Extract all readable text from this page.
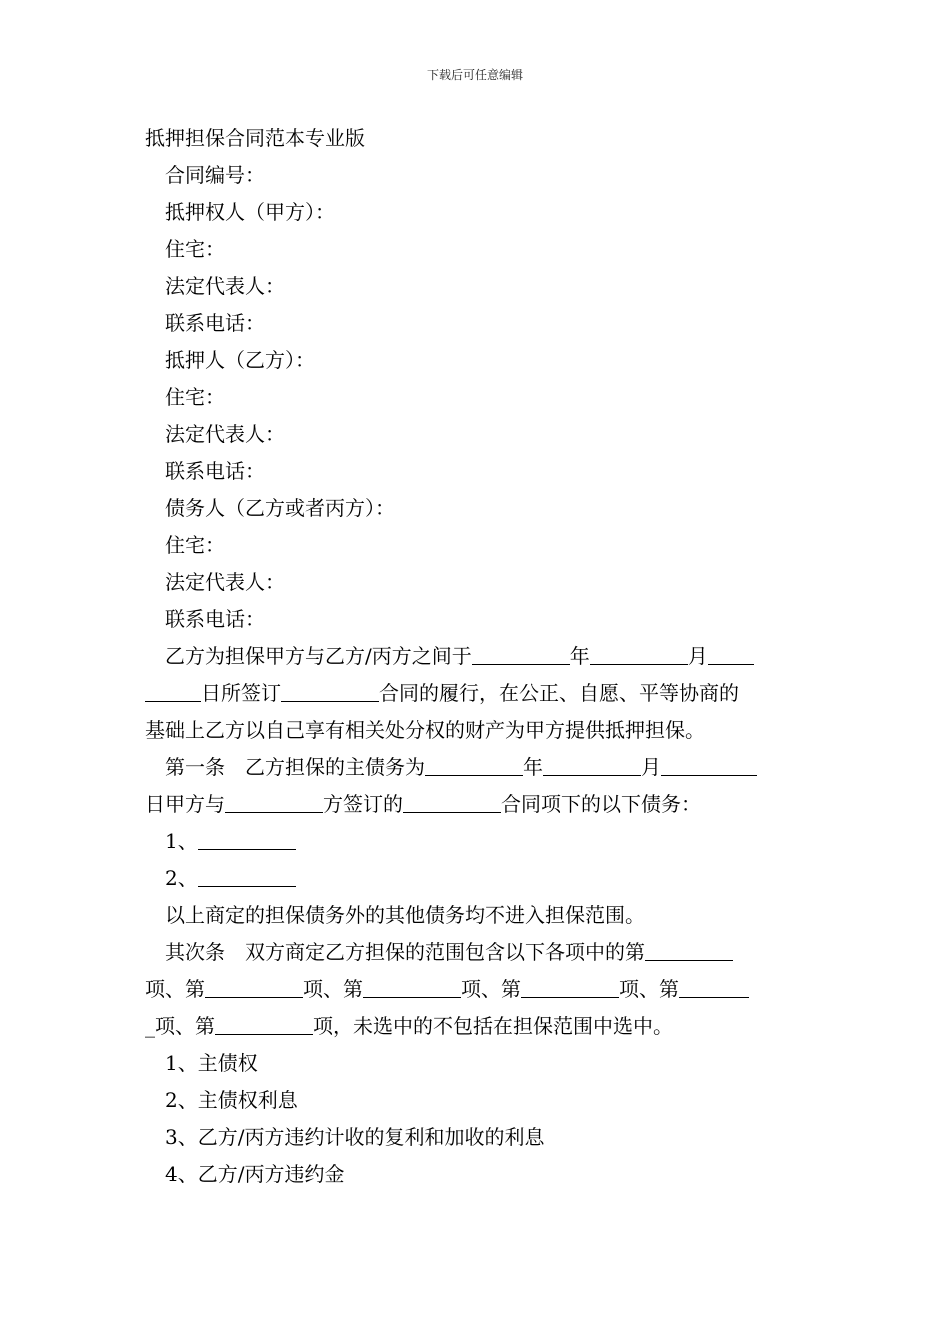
下载后可任意编辑
抵押担保合同范本专业版
合同编号：
抵押权人（甲方）：
住宅：
法定代表人：
联系电话：
抵押人（乙方）：
住宅：
法定代表人：
联系电话：
债务人（乙方或者丙方）：
住宅：
法定代表人：
联系电话：

乙方为担保甲方与乙方/丙方之间于	年	月

日所签订	合同的履行，在公正、自愿、平等协商的

基础上乙方以自己享有相关处分权的财产为甲方提供抵押担保。

第一条　乙方担保的主债务为	年	月

日甲方与	方签订的	合同项下的以下债务：

1、
2、
以上商定的担保债务外的其他债务均不进入担保范围。

其次条　双方商定乙方担保的范围包含以下各项中的第

项、第	项、第	项、第	项、第

_项、第	项，未选中的不包括在担保范围中选中。

1、主债权
2、主债权利息
3、乙方/丙方违约计收的复利和加收的利息
4、乙方/丙方违约金
